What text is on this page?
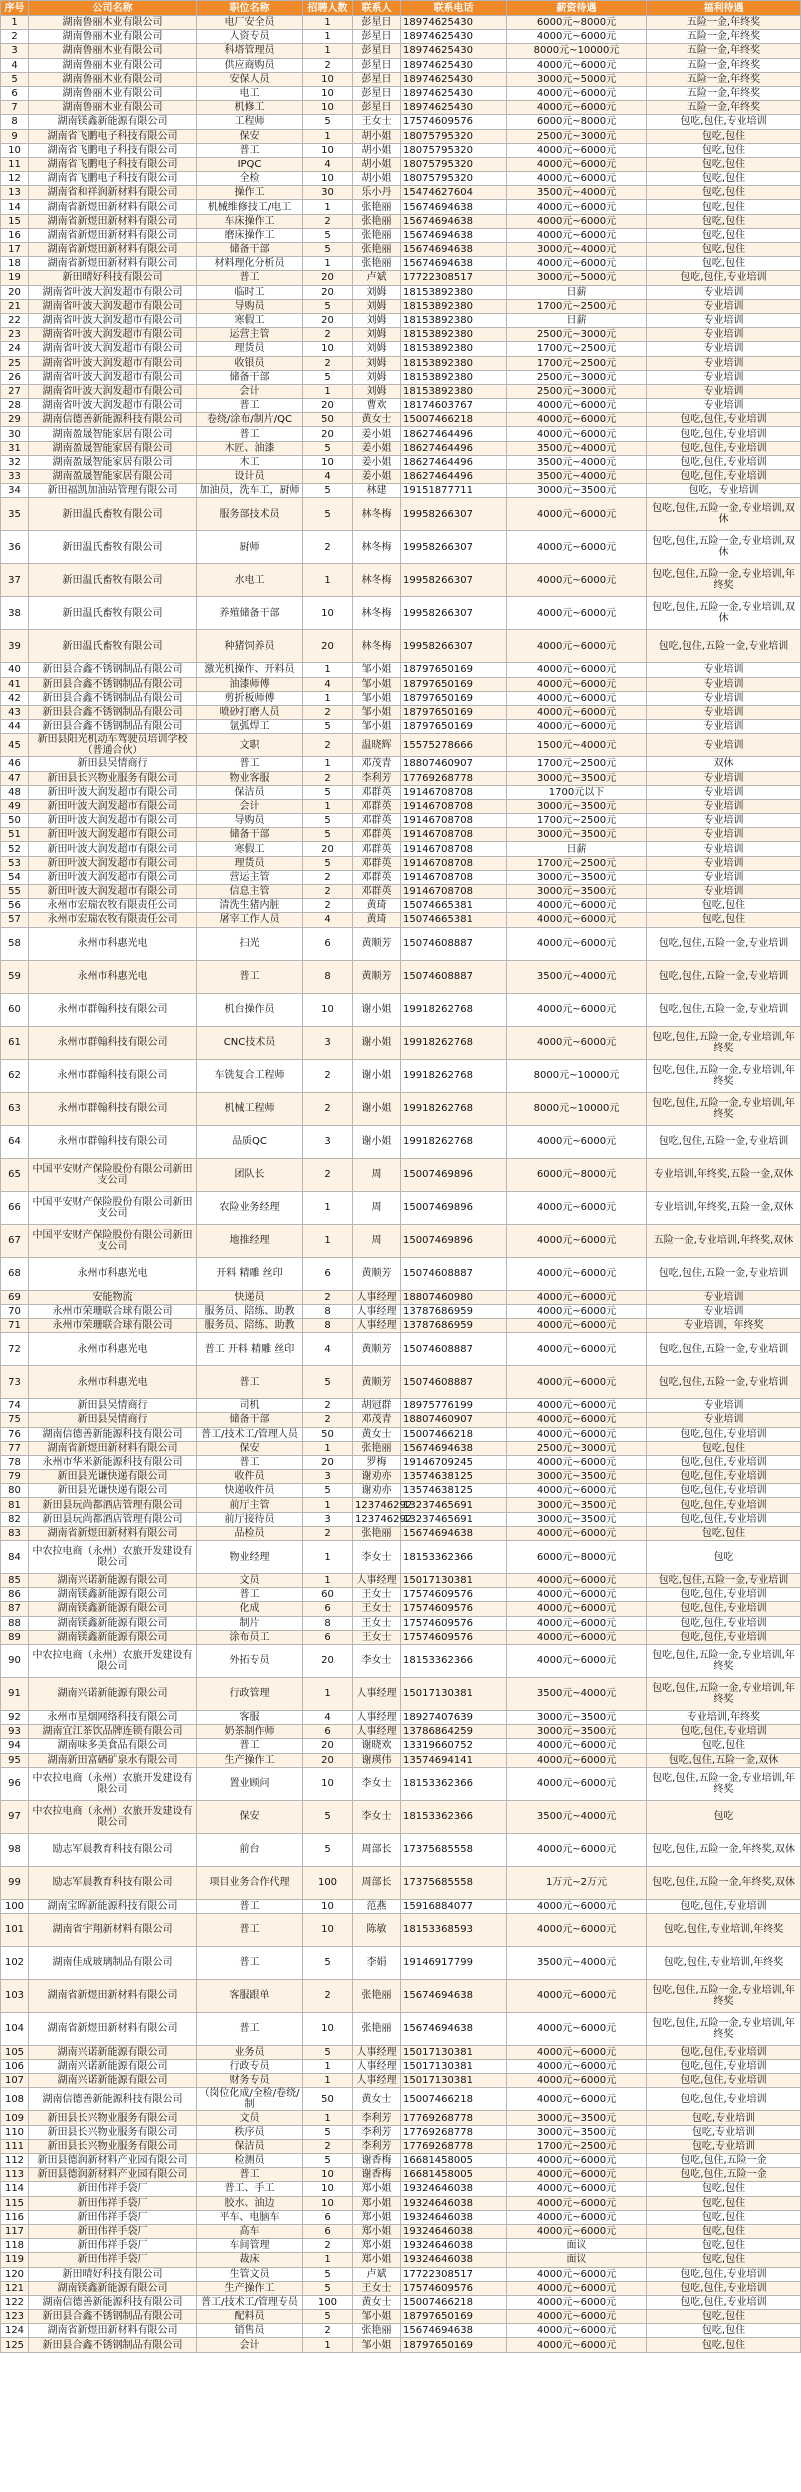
序号	公司名称	职位名称	招聘人数	联系人	联系电话	薪资待遇	福利待遇
1	湖南鲁丽木业有限公司	电厂安全员	1	彭星日	18974625430	6000元~8000元	五险一金,年终奖
2	湖南鲁丽木业有限公司	人资专员	1	彭星日	18974625430	4000元~6000元	五险一金,年终奖
3	湖南鲁丽木业有限公司	科塔管理员	1	彭星日	18974625430	8000元~10000元	五险一金,年终奖
4	湖南鲁丽木业有限公司	供应商购员	2	彭星日	18974625430	4000元~6000元	五险一金,年终奖
5	湖南鲁丽木业有限公司	安保人员	10	彭星日	18974625430	3000元~5000元	五险一金,年终奖
6	湖南鲁丽木业有限公司	电工	10	彭星日	18974625430	4000元~6000元	五险一金,年终奖
7	湖南鲁丽木业有限公司	机修工	10	彭星日	18974625430	4000元~6000元	五险一金,年终奖
8	湖南镁鑫新能源有限公司	工程师	5	王女士	17574609576	6000元~8000元	包吃,包住,专业培训
9	湖南省飞鹏电子科技有限公司	保安	1	胡小姐	18075795320	2500元~3000元	包吃,包住
10	湖南省飞鹏电子科技有限公司	普工	10	胡小姐	18075795320	4000元~6000元	包吃,包住
11	湖南省飞鹏电子科技有限公司	IPQC	4	胡小姐	18075795320	4000元~6000元	包吃,包住
12	湖南省飞鹏电子科技有限公司	全检	10	胡小姐	18075795320	4000元~6000元	包吃,包住
13	湖南省和祥润新材料有限公司	操作工	30	乐小丹	15474627604	3500元~4000元	包吃,包住
14	湖南省新煜田新材料有限公司	机械维修技工/电工	1	张艳丽	15674694638	4000元~6000元	包吃,包住
15	湖南省新煜田新材料有限公司	车床操作工	2	张艳丽	15674694638	4000元~6000元	包吃,包住
16	湖南省新煜田新材料有限公司	磨床操作工	5	张艳丽	15674694638	4000元~6000元	包吃,包住
17	湖南省新煜田新材料有限公司	储备干部	5	张艳丽	15674694638	3000元~4000元	包吃,包住
18	湖南省新煜田新材料有限公司	材料理化分析员	1	张艳丽	15674694638	4000元~6000元	包吃,包住
19	新田晴好科技有限公司	普工	20	卢斌	17722308517	3000元~5000元	包吃,包住,专业培训
20	湖南省叶波大润发超市有限公司	临时工	20	刘姆	18153892380	日薪	专业培训
21	湖南省叶波大润发超市有限公司	导购员	5	刘姆	18153892380	1700元~2500元	专业培训
22	湖南省叶波大润发超市有限公司	寒假工	20	刘姆	18153892380	日薪	专业培训
23	湖南省叶波大润发超市有限公司	运营主管	2	刘姆	18153892380	2500元~3000元	专业培训
24	湖南省叶波大润发超市有限公司	理货员	10	刘姆	18153892380	1700元~2500元	专业培训
25	湖南省叶波大润发超市有限公司	收银员	2	刘姆	18153892380	1700元~2500元	专业培训
26	湖南省叶波大润发超市有限公司	储备干部	5	刘姆	18153892380	2500元~3000元	专业培训
27	湖南省叶波大润发超市有限公司	会计	1	刘姆	18153892380	2500元~3000元	专业培训
28	湖南省叶波大润发超市有限公司	普工	20	曹欢	18174603767	4000元~6000元	专业培训
29	湖南信德善新能源科技有限公司	卷绕/涂布/制片/QC	50	黄女士	15007466218	4000元~6000元	包吃,包住,专业培训
30	湖南盈晟智能家居有限公司	普工	20	姜小姐	18627464496	4000元~6000元	包吃,包住,专业培训
31	湖南盈晟智能家居有限公司	木匠、油漆	5	姜小姐	18627464496	3500元~4000元	包吃,包住,专业培训
32	湖南盈晟智能家居有限公司	木工	10	姜小姐	18627464496	3500元~4000元	包吃,包住,专业培训
33	湖南盈晟智能家居有限公司	设计员	4	姜小姐	18627464496	3500元~4000元	包吃,包住,专业培训
34	新田福凯加油站管理有限公司	加油员，洗车工，厨师	5	林建	19151877711	3000元~3500元	包吃，专业培训
35	新田温氏畜牧有限公司	服务部技术员	5	林冬梅	19958266307	4000元~6000元	包吃,包住,五险一金,专业培训,双休
36	新田温氏畜牧有限公司	厨师	2	林冬梅	19958266307	4000元~6000元	包吃,包住,五险一金,专业培训,双休
37	新田温氏畜牧有限公司	水电工	1	林冬梅	19958266307	4000元~6000元	包吃,包住,五险一金,专业培训,年终奖
38	新田温氏畜牧有限公司	养殖储备干部	10	林冬梅	19958266307	4000元~6000元	包吃,包住,五险一金,专业培训,双休
39	新田温氏畜牧有限公司	种猪饲养员	20	林冬梅	19958266307	4000元~6000元	包吃,包住,五险一金,专业培训
40	新田县合鑫不锈钢制品有限公司	激光机操作、开料员	1	邹小姐	18797650169	4000元~6000元	专业培训
41	新田县合鑫不锈钢制品有限公司	油漆师傅	4	邹小姐	18797650169	4000元~6000元	专业培训
42	新田县合鑫不锈钢制品有限公司	剪折板师傅	1	邹小姐	18797650169	4000元~6000元	专业培训
43	新田县合鑫不锈钢制品有限公司	喷砂打磨人员	2	邹小姐	18797650169	4000元~6000元	专业培训
44	新田县合鑫不锈钢制品有限公司	氩弧焊工	5	邹小姐	18797650169	4000元~6000元	专业培训
45	新田县阳光机动车驾驶员培训学校（普通合伙）	文职	2	温晓辉	15575278666	1500元~4000元	专业培训
46	新田县吴情商行	普工	1	邓茂青	18807460907	1700元~2500元	双休
47	新田县长兴物业服务有限公司	物业客服	2	李利芳	17769268778	3000元~3500元	专业培训
48	新田叶波大润发超市有限公司	保洁员	5	邓群英	19146708708	1700元以下	专业培训
49	新田叶波大润发超市有限公司	会计	1	邓群英	19146708708	3000元~3500元	专业培训
50	新田叶波大润发超市有限公司	导购员	5	邓群英	19146708708	1700元~2500元	专业培训
51	新田叶波大润发超市有限公司	储备干部	5	邓群英	19146708708	3000元~3500元	专业培训
52	新田叶波大润发超市有限公司	寒假工	20	邓群英	19146708708	日薪	专业培训
53	新田叶波大润发超市有限公司	理货员	5	邓群英	19146708708	1700元~2500元	专业培训
54	新田叶波大润发超市有限公司	营运主管	2	邓群英	19146708708	3000元~3500元	专业培训
55	新田叶波大润发超市有限公司	信息主管	2	邓群英	19146708708	3000元~3500元	专业培训
56	永州市宏瑞农牧有限责任公司	清洗生猪内脏	2	黄琦	15074665381	4000元~6000元	包吃,包住
57	永州市宏瑞农牧有限责任公司	屠宰工作人员	4	黄琦	15074665381	4000元~6000元	包吃,包住
58	永州市科惠光电	扫光	6	黄顺芳	15074608887	4000元~6000元	包吃,包住,五险一金,专业培训
59	永州市科惠光电	普工	8	黄顺芳	15074608887	3500元~4000元	包吃,包住,五险一金,专业培训
60	永州市群翰科技有限公司	机台操作员	10	谢小姐	19918262768	4000元~6000元	包吃,包住,五险一金,专业培训
61	永州市群翰科技有限公司	CNC技术员	3	谢小姐	19918262768	4000元~6000元	包吃,包住,五险一金,专业培训,年终奖
62	永州市群翰科技有限公司	车铣复合工程师	2	谢小姐	19918262768	8000元~10000元	包吃,包住,五险一金,专业培训,年终奖
63	永州市群翰科技有限公司	机械工程师	2	谢小姐	19918262768	8000元~10000元	包吃,包住,五险一金,专业培训,年终奖
64	永州市群翰科技有限公司	品质QC	3	谢小姐	19918262768	4000元~6000元	包吃,包住,五险一金,专业培训
65	中国平安财产保险股份有限公司新田支公司	团队长	2	周	15007469896	6000元~8000元	专业培训,年终奖,五险一金,双休
66	中国平安财产保险股份有限公司新田支公司	农险业务经理	1	周	15007469896	4000元~6000元	专业培训,年终奖,五险一金,双休
67	中国平安财产保险股份有限公司新田支公司	地推经理	1	周	15007469896	4000元~6000元	五险一金,专业培训,年终奖,双休
68	永州市科惠光电	开料 精雕 丝印	6	黄顺芳	15074608887	4000元~6000元	包吃,包住,五险一金,专业培训
69	安能物流	快递员	2	人事经理	18807460980	4000元~6000元	专业培训
70	永州市荣珊联合球有限公司	服务员、陪练、助教	8	人事经理	13787686959	4000元~6000元	专业培训
71	永州市荣珊联合球有限公司	服务员、陪练、助教	8	人事经理	13787686959	4000元~6000元	专业培训，年终奖
72	永州市科惠光电	普工 开料 精雕 丝印	4	黄顺芳	15074608887	4000元~6000元	包吃,包住,五险一金,专业培训
73	永州市科惠光电	普工	5	黄顺芳	15074608887	4000元~6000元	包吃,包住,五险一金,专业培训
74	新田县吴情商行	司机	2	胡冠群	18975776199	4000元~6000元	专业培训
75	新田县吴情商行	储备干部	2	邓茂青	18807460907	4000元~6000元	专业培训
76	湖南信德善新能源科技有限公司	普工/技术工/管理人员	50	黄女士	15007466218	4000元~6000元	包吃,包住,专业培训
77	湖南省新煜田新材料有限公司	保安	1	张艳丽	15674694638	2500元~3000元	包吃,包住
78	永州市华米新能源科技有限公司	普工	20	罗梅	19146709245	4000元~6000元	包吃,包住,专业培训
79	新田县光谦快递有限公司	收件员	3	谢劝亦	13574638125	3000元~3500元	包吃,包住,专业培训
80	新田县光谦快递有限公司	快递收件员	5	谢劝亦	13574638125	4000元~6000元	包吃,包住,专业培训
81	新田县玩尚都酒店管理有限公司	前厅主管	1	123746292	13237465691	3000元~3500元	包吃,包住,专业培训
82	新田县玩尚都酒店管理有限公司	前厅接待员	3	123746292	13237465691	3000元~3500元	包吃,包住,专业培训
83	湖南省新煜田新材料有限公司	品检员	2	张艳丽	15674694638	4000元~6000元	包吃,包住
84	中农拉电商（永州）农旅开发建设有限公司	物业经理	1	李女士	18153362366	6000元~8000元	包吃
85	湖南兴诺新能源有限公司	文员	1	人事经理	15017130381	4000元~6000元	包吃,包住,五险一金,专业培训
86	湖南镁鑫新能源有限公司	普工	60	王女士	17574609576	4000元~6000元	包吃,包住,专业培训
87	湖南镁鑫新能源有限公司	化成	6	王女士	17574609576	4000元~6000元	包吃,包住,专业培训
88	湖南镁鑫新能源有限公司	制片	8	王女士	17574609576	4000元~6000元	包吃,包住,专业培训
89	湖南镁鑫新能源有限公司	涂布员工	6	王女士	17574609576	4000元~6000元	包吃,包住,专业培训
90	中农拉电商（永州）农旅开发建设有限公司	外拓专员	20	李女士	18153362366	4000元~6000元	包吃,包住,五险一金,专业培训,年终奖
91	湖南兴诺新能源有限公司	行政管理	1	人事经理	15017130381	3500元~4000元	包吃,包住,五险一金,专业培训,年终奖
92	永州市星烟网络科技有限公司	客服	4	人事经理	18927407639	3000元~3500元	专业培训,年终奖
93	湖南宜江茶饮品牌连锁有限公司	奶茶制作师	6	人事经理	13786864259	3000元~3500元	包吃,包住,专业培训
94	湖南味多美食品有限公司	普工	20	谢晓欢	13319660752	4000元~6000元	包吃,包住
95	湖南新田富硒矿泉水有限公司	生产操作工	20	谢瑛伟	13574694141	4000元~6000元	包吃,包住,五险一金,双休
96	中农拉电商（永州）农旅开发建设有限公司	置业顾问	10	李女士	18153362366	4000元~6000元	包吃,包住,五险一金,专业培训,年终奖
97	中农拉电商（永州）农旅开发建设有限公司	保安	5	李女士	18153362366	3500元~4000元	包吃
98	励志军晨教育科技有限公司	前台	5	周部长	17375685558	4000元~6000元	包吃,包住,五险一金,年终奖,双休
99	励志军晨教育科技有限公司	项目业务合作代理	100	周部长	17375685558	1万元~2万元	包吃,包住,五险一金,年终奖,双休
100	湖南宝晖新能源科技有限公司	普工	10	范燕	15916884077	4000元~6000元	包吃,包住,专业培训
101	湖南省宇翔新材料有限公司	普工	10	陈敏	18153368593	4000元~6000元	包吃,包住,专业培训,年终奖
102	湖南佳成玻璃制品有限公司	普工	5	李娟	19146917799	3500元~4000元	包吃,包住,专业培训,年终奖
103	湖南省新煜田新材料有限公司	客服跟单	2	张艳丽	15674694638	4000元~6000元	包吃,包住,五险一金,专业培训,年终奖
104	湖南省新煜田新材料有限公司	普工	10	张艳丽	15674694638	4000元~6000元	包吃,包住,五险一金,专业培训,年终奖
105	湖南兴诺新能源有限公司	业务员	5	人事经理	15017130381	4000元~6000元	包吃,包住,专业培训
106	湖南兴诺新能源有限公司	行政专员	1	人事经理	15017130381	4000元~6000元	包吃,包住,专业培训
107	湖南兴诺新能源有限公司	财务专员	1	人事经理	15017130381	4000元~6000元	包吃,包住,专业培训
108	湖南信德善新能源科技有限公司	（岗位化成/全检/卷绕/制	50	黄女士	15007466218	4000元~6000元	包吃,包住,专业培训
109	新田县长兴物业服务有限公司	文员	1	李利芳	17769268778	3000元~3500元	包吃,专业培训
110	新田县长兴物业服务有限公司	秩序员	5	李利芳	17769268778	3000元~3500元	包吃,专业培训
111	新田县长兴物业服务有限公司	保洁员	2	李利芳	17769268778	1700元~2500元	包吃,专业培训
112	新田县德润新材料产业园有限公司	检测员	5	谢香梅	16681458005	4000元~6000元	包吃,包住,五险一金
113	新田县德润新材料产业园有限公司	普工	10	谢香梅	16681458005	4000元~6000元	包吃,包住,五险一金
114	新田伟祥手袋厂	普工、手工	10	郑小姐	19324646038	4000元~6000元	包吃,包住
115	新田伟祥手袋厂	胶水、油边	10	郑小姐	19324646038	4000元~6000元	包吃,包住
116	新田伟祥手袋厂	平车、电脑车	6	郑小姐	19324646038	4000元~6000元	包吃,包住
117	新田伟祥手袋厂	高车	6	郑小姐	19324646038	4000元~6000元	包吃,包住
118	新田伟祥手袋厂	车间管理	2	郑小姐	19324646038	面议	包吃,包住
119	新田伟祥手袋厂	裁床	1	郑小姐	19324646038	面议	包吃,包住
120	新田晴好科技有限公司	生管文员	5	卢斌	17722308517	4000元~6000元	包吃,包住,专业培训
121	湖南镁鑫新能源有限公司	生产操作工	5	王女士	17574609576	4000元~6000元	包吃,包住,专业培训
122	湖南信德善新能源科技有限公司	普工/技术工/管理专员	100	黄女士	15007466218	4000元~6000元	包吃,包住,专业培训
123	新田县合鑫不锈钢制品有限公司	配料员	5	邹小姐	18797650169	4000元~6000元	包吃,包住
124	湖南省新煜田新材料有限公司	销售员	2	张艳丽	15674694638	4000元~6000元	包吃,包住
125	新田县合鑫不锈钢制品有限公司	会计	1	邹小姐	18797650169	4000元~6000元	包吃,包住
